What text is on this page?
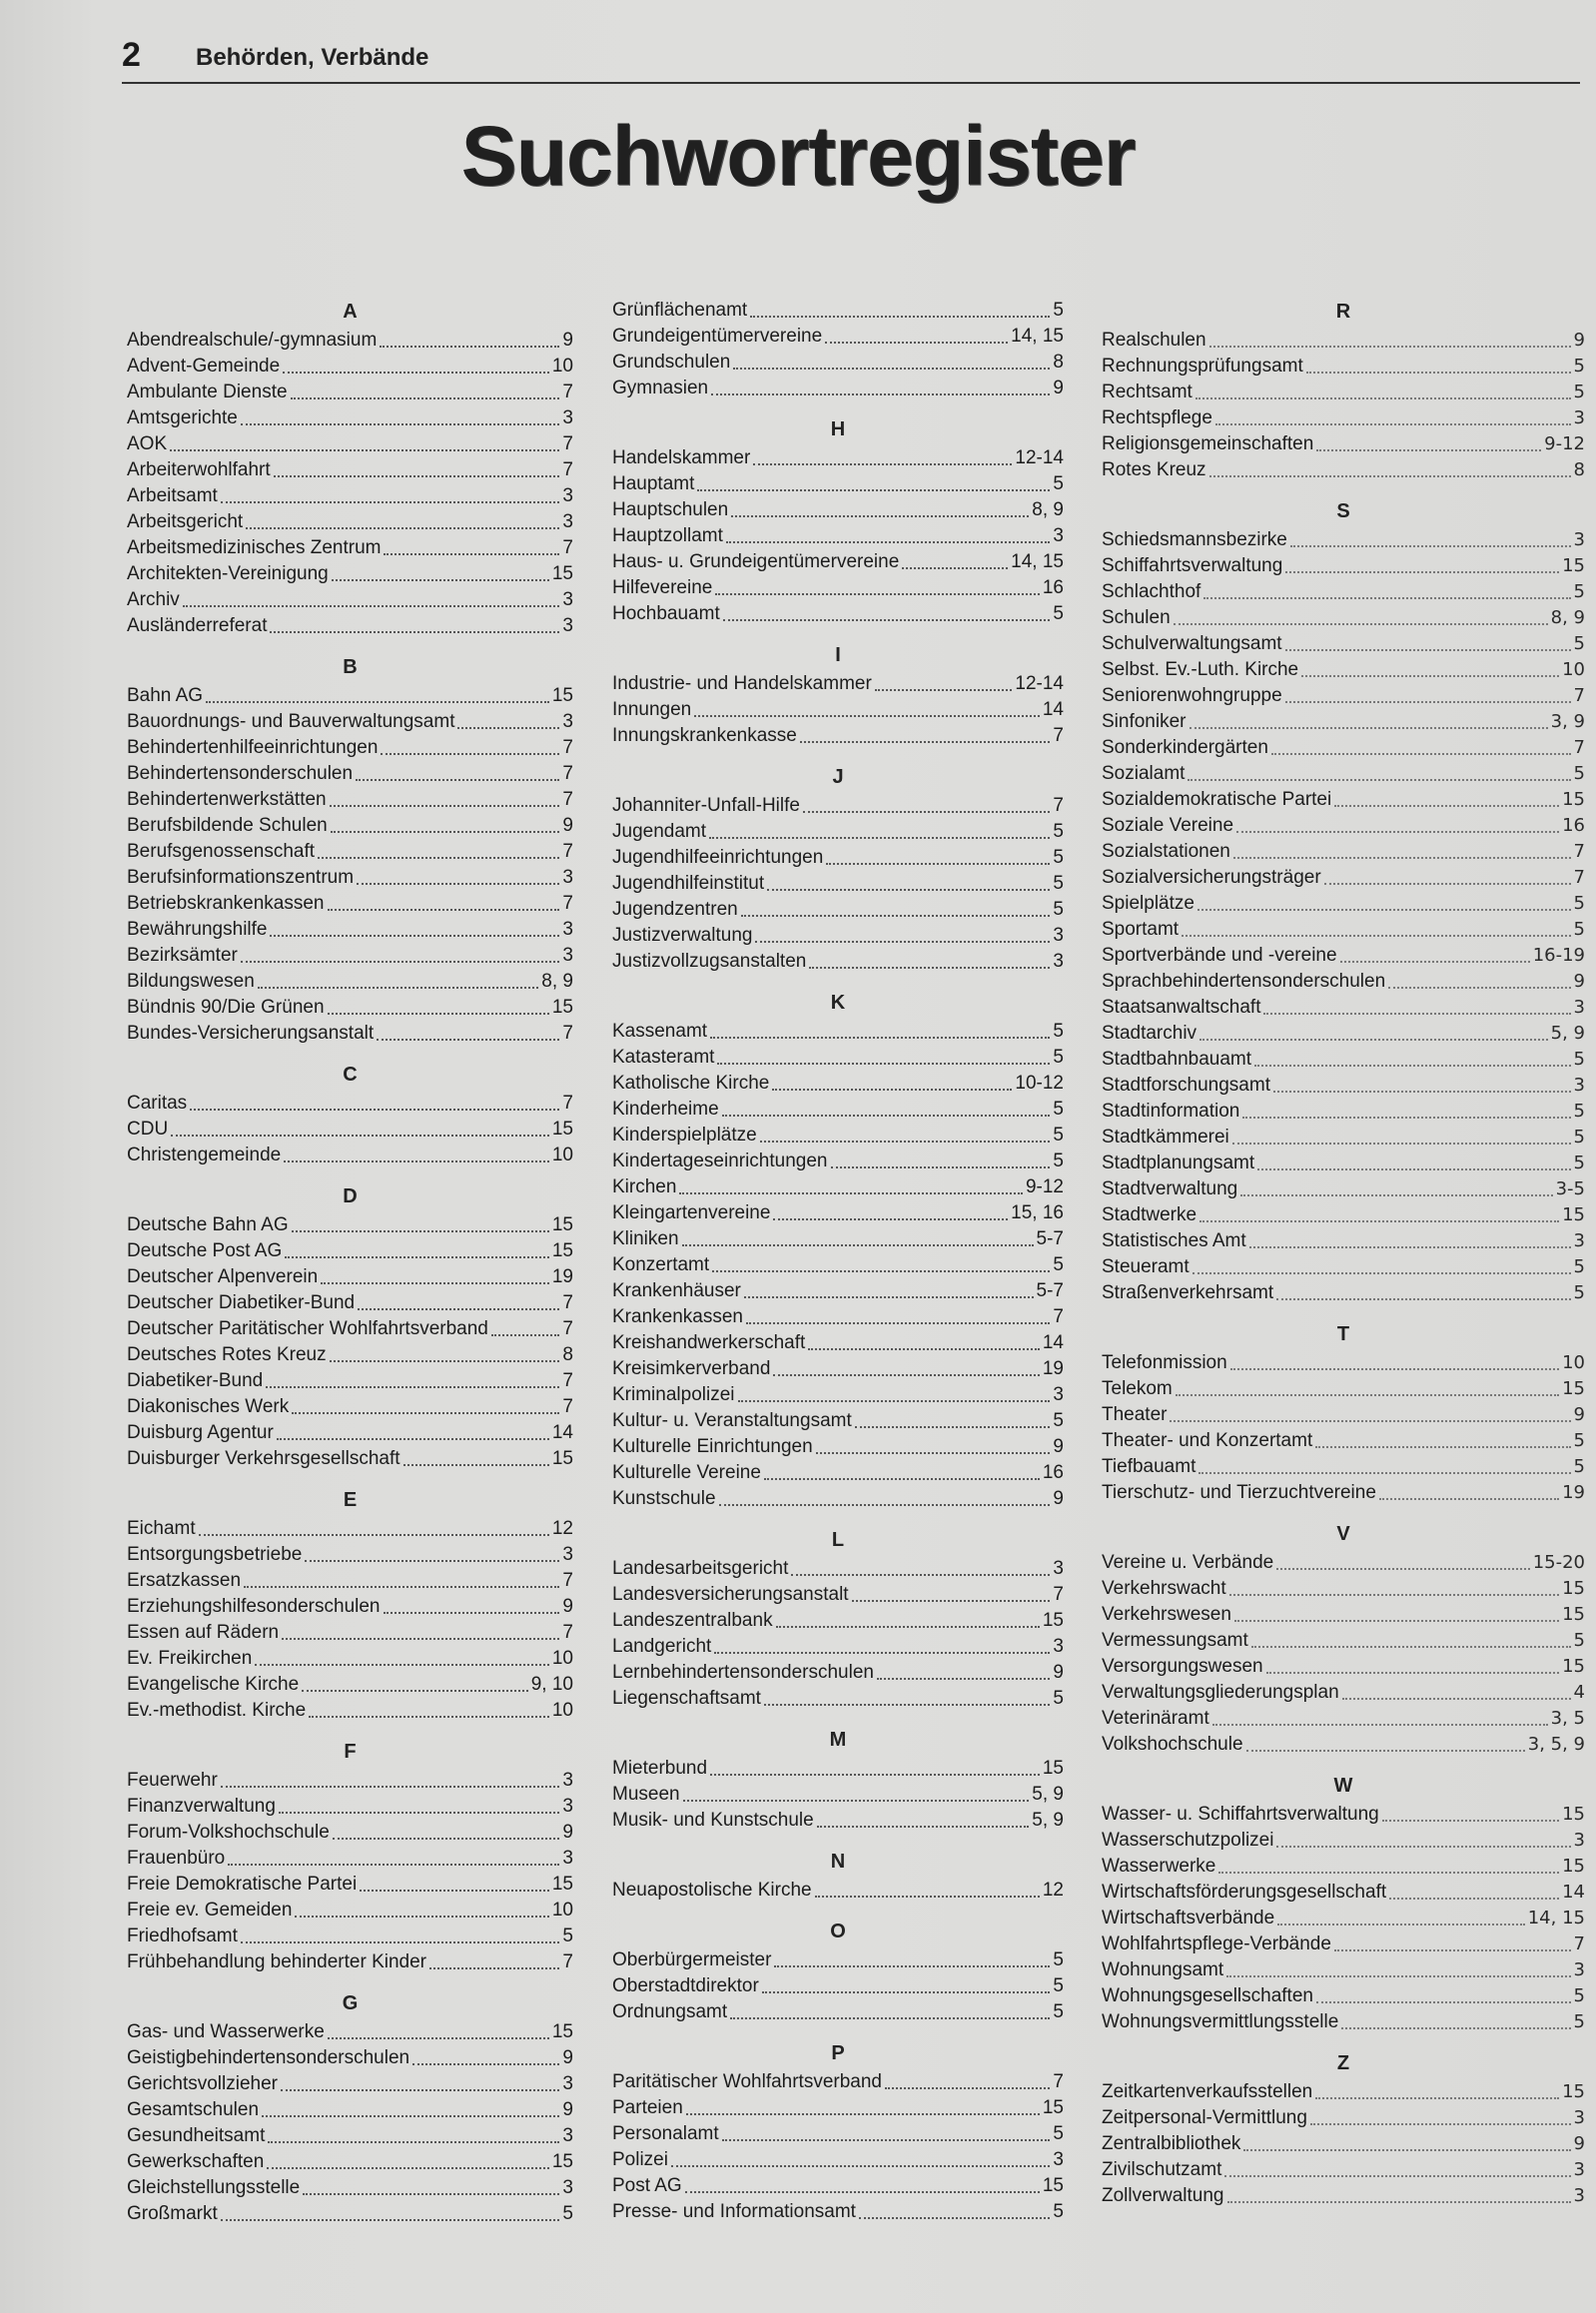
2 Behörden, Verbände
Suchwortregister
A
Abendrealschule/-gymnasium	9
Advent-Gemeinde	10
Ambulante Dienste	7
Amtsgerichte	3
AOK	7
Arbeiterwohlfahrt	7
Arbeitsamt	3
Arbeitsgericht	3
Arbeitsmedizinisches Zentrum	7
Architekten-Vereinigung	15
Archiv	3
Ausländerreferat	3
B
Bahn AG	15
Bauordnungs- und Bauverwaltungsamt	3
Behindertenhilfeeinrichtungen	7
Behindertensonderschulen	7
Behindertenwerkstätten	7
Berufsbildende Schulen	9
Berufsgenossenschaft	7
Berufsinformationszentrum	3
Betriebskrankenkassen	7
Bewährungshilfe	3
Bezirksämter	3
Bildungswesen	8, 9
Bündnis 90/Die Grünen	15
Bundes-Versicherungsanstalt	7
C
Caritas	7
CDU	15
Christengemeinde	10
D
Deutsche Bahn AG	15
Deutsche Post AG	15
Deutscher Alpenverein	19
Deutscher Diabetiker-Bund	7
Deutscher Paritätischer Wohlfahrtsverband	7
Deutsches Rotes Kreuz	8
Diabetiker-Bund	7
Diakonisches Werk	7
Duisburg Agentur	14
Duisburger Verkehrsgesellschaft	15
E
Eichamt	12
Entsorgungsbetriebe	3
Ersatzkassen	7
Erziehungshilfesonderschulen	9
Essen auf Rädern	7
Ev. Freikirchen	10
Evangelische Kirche	9, 10
Ev.-methodist. Kirche	10
F
Feuerwehr	3
Finanzverwaltung	3
Forum-Volkshochschule	9
Frauenbüro	3
Freie Demokratische Partei	15
Freie ev. Gemeiden	10
Friedhofsamt	5
Frühbehandlung behinderter Kinder	7
G
Gas- und Wasserwerke	15
Geistigbehindertensonderschulen	9
Gerichtsvollzieher	3
Gesamtschulen	9
Gesundheitsamt	3
Gewerkschaften	15
Gleichstellungsstelle	3
Großmarkt	5
Grünflächenamt	5
Grundeigentümervereine	14, 15
Grundschulen	8
Gymnasien	9
H
Handelskammer	12-14
Hauptamt	5
Hauptschulen	8, 9
Hauptzollamt	3
Haus- u. Grundeigentümervereine	14, 15
Hilfevereine	16
Hochbauamt	5
I
Industrie- und Handelskammer	12-14
Innungen	14
Innungskrankenkasse	7
J
Johanniter-Unfall-Hilfe	7
Jugendamt	5
Jugendhilfeeinrichtungen	5
Jugendhilfeinstitut	5
Jugendzentren	5
Justizverwaltung	3
Justizvollzugsanstalten	3
K
Kassenamt	5
Katasteramt	5
Katholische Kirche	10-12
Kinderheime	5
Kinderspielplätze	5
Kindertageseinrichtungen	5
Kirchen	9-12
Kleingartenvereine	15, 16
Kliniken	5-7
Konzertamt	5
Krankenhäuser	5-7
Krankenkassen	7
Kreishandwerkerschaft	14
Kreisimkerverband	19
Kriminalpolizei	3
Kultur- u. Veranstaltungsamt	5
Kulturelle Einrichtungen	9
Kulturelle Vereine	16
Kunstschule	9
L
Landesarbeitsgericht	3
Landesversicherungsanstalt	7
Landeszentralbank	15
Landgericht	3
Lernbehindertensonderschulen	9
Liegenschaftsamt	5
M
Mieterbund	15
Museen	5, 9
Musik- und Kunstschule	5, 9
N
Neuapostolische Kirche	12
O
Oberbürgermeister	5
Oberstadtdirektor	5
Ordnungsamt	5
P
Paritätischer Wohlfahrtsverband	7
Parteien	15
Personalamt	5
Polizei	3
Post AG	15
Presse- und Informationsamt	5
R
Realschulen	9
Rechnungsprüfungsamt	5
Rechtsamt	5
Rechtspflege	3
Religionsgemeinschaften	9-12
Rotes Kreuz	8
S
Schiedsmannsbezirke	3
Schiffahrtsverwaltung	15
Schlachthof	5
Schulen	8, 9
Schulverwaltungsamt	5
Selbst. Ev.-Luth. Kirche	10
Seniorenwohngruppe	7
Sinfoniker	3, 9
Sonderkindergärten	7
Sozialamt	5
Sozialdemokratische Partei	15
Soziale Vereine	16
Sozialstationen	7
Sozialversicherungsträger	7
Spielplätze	5
Sportamt	5
Sportverbände und -vereine	16-19
Sprachbehindertensonderschulen	9
Staatsanwaltschaft	3
Stadtarchiv	5, 9
Stadtbahnbauamt	5
Stadtforschungsamt	3
Stadtinformation	5
Stadtkämmerei	5
Stadtplanungsamt	5
Stadtverwaltung	3-5
Stadtwerke	15
Statistisches Amt	3
Steueramt	5
Straßenverkehrsamt	5
T
Telefonmission	10
Telekom	15
Theater	9
Theater- und Konzertamt	5
Tiefbauamt	5
Tierschutz- und Tierzuchtvereine	19
V
Vereine u. Verbände	15-20
Verkehrswacht	15
Verkehrswesen	15
Vermessungsamt	5
Versorgungswesen	15
Verwaltungsgliederungsplan	4
Veterinäramt	3, 5
Volkshochschule	3, 5, 9
W
Wasser- u. Schiffahrtsverwaltung	15
Wasserschutzpolizei	3
Wasserwerke	15
Wirtschaftsförderungsgesellschaft	14
Wirtschaftsverbände	14, 15
Wohlfahrtspflege-Verbände	7
Wohnungsamt	3
Wohnungsgesellschaften	5
Wohnungsvermittlungsstelle	5
Z
Zeitkartenverkaufsstellen	15
Zeitpersonal-Vermittlung	3
Zentralbibliothek	9
Zivilschutzamt	3
Zollverwaltung	3
